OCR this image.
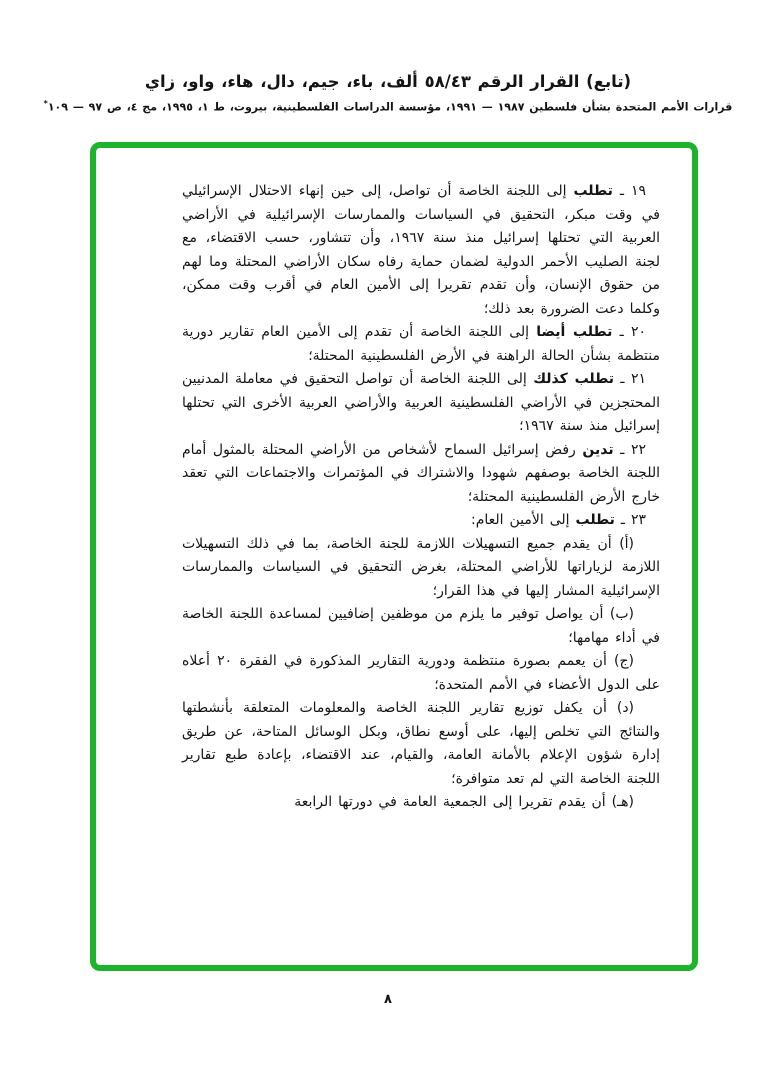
(تابع) القرار الرقم ٥٨/٤٣ ألف، باء، جيم، دال، هاء، واو، زاي
قرارات الأمم المتحدة بشأن فلسطين ١٩٨٧ — ١٩٩١، مؤسسة الدراسات الفلسطينية، بيروت، ط ١، ١٩٩٥، مج ٤، ص ٩٧ — ١٠٩*

١٩ ـ تطلب إلى اللجنة الخاصة أن تواصل، إلى حين إنهاء الاحتلال الإسرائيلي في وقت مبكر، التحقيق في السياسات والممارسات الإسرائيلية في الأراضي العربية التي تحتلها إسرائيل منذ سنة ١٩٦٧، وأن تتشاور، حسب الاقتضاء، مع لجنة الصليب الأحمر الدولية لضمان حماية رفاه سكان الأراضي المحتلة وما لهم من حقوق الإنسان، وأن تقدم تقريرا إلى الأمين العام في أقرب وقت ممكن، وكلما دعت الضرورة بعد ذلك؛

٢٠ ـ تطلب أيضا إلى اللجنة الخاصة أن تقدم إلى الأمين العام تقارير دورية منتظمة بشأن الحالة الراهنة في الأرض الفلسطينية المحتلة؛

٢١ ـ تطلب كذلك إلى اللجنة الخاصة أن تواصل التحقيق في معاملة المدنيين المحتجزين في الأراضي الفلسطينية العربية والأراضي العربية الأخرى التي تحتلها إسرائيل منذ سنة ١٩٦٧؛

٢٢ ـ تدين رفض إسرائيل السماح لأشخاص من الأراضي المحتلة بالمثول أمام اللجنة الخاصة بوصفهم شهودا والاشتراك في المؤتمرات والاجتماعات التي تعقد خارج الأرض الفلسطينية المحتلة؛

٢٣ ـ تطلب إلى الأمين العام:

(أ) أن يقدم جميع التسهيلات اللازمة للجنة الخاصة، بما في ذلك التسهيلات اللازمة لزياراتها للأراضي المحتلة، بغرض التحقيق في السياسات والممارسات الإسرائيلية المشار إليها في هذا القرار؛

(ب) أن يواصل توفير ما يلزم من موظفين إضافيين لمساعدة اللجنة الخاصة في أداء مهامها؛

(ج) أن يعمم بصورة منتظمة ودورية التقارير المذكورة في الفقرة ٢٠ أعلاه على الدول الأعضاء في الأمم المتحدة؛

(د) أن يكفل توزيع تقارير اللجنة الخاصة والمعلومات المتعلقة بأنشطتها والنتائج التي تخلص إليها، على أوسع نطاق، وبكل الوسائل المتاحة، عن طريق إدارة شؤون الإعلام بالأمانة العامة، والقيام، عند الاقتضاء، بإعادة طبع تقارير اللجنة الخاصة التي لم تعد متوافرة؛

(هـ) أن يقدم تقريرا إلى الجمعية العامة في دورتها الرابعة

٨
